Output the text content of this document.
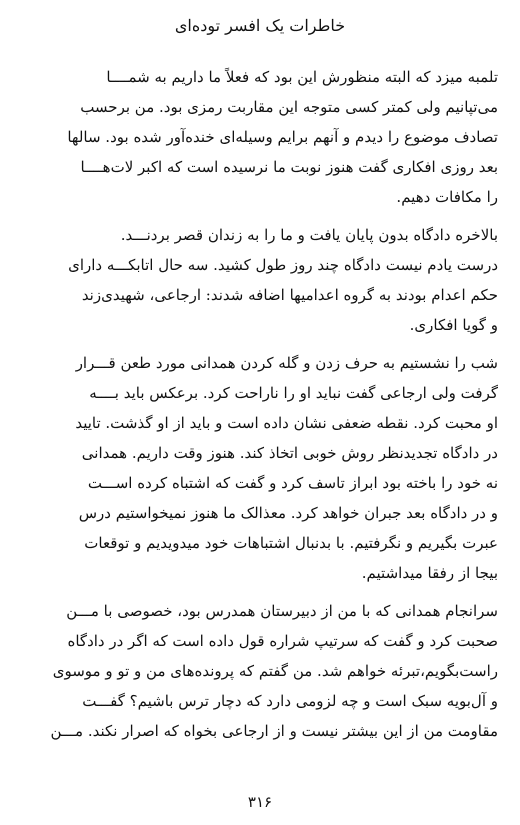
خاطرات یک افسر توده‌ای
تلمبه میزد که البته منظورش این بود که فعلاً ما داریم به شمــــا
می‌تپانیم ولی کمتر کسی متوجه این مقاربت رمزی بود. من برحسب
تصادف موضوع را دیدم و آنهم برایم وسیله‌ای خنده‌آور شده بود. سالها
بعد روزی افکاری گفت هنوز نوبت ما نرسیده است که اکبر لات‌هــــا
را مکافات دهیم.
بالاخره دادگاه بدون پایان یافت و ما را به زندان قصر بردنـــد.
درست یادم نیست دادگاه چند روز طول کشید. سه حال اتابکـــه دارای
حکم اعدام بودند به گروه اعدامیها اضافه شدند: ارجاعی، شهیدی‌زند
و گویا افکاری.
شب را نشستیم به حرف زدن و گله کردن همدانی مورد طعن قـــرار
گرفت ولی ارجاعی گفت نباید او را ناراحت کرد. برعکس باید بــــه
او محبت کرد. نقطه ضعفی نشان داده است و باید از او گذشت. تایید
در دادگاه تجدیدنظر روش خوبی اتخاذ کند. هنوز وقت داریم. همدانی
نه خود را باخته بود ابراز تاسف کرد و گفت که اشتباه کرده اســـت
و در دادگاه بعد جبران خواهد کرد. معذالک ما هنوز نمیخواستیم درس
عبرت بگیریم و نگرفتیم. با بدنبال اشتباهات خود میدویدیم و توقعات
بیجا از رفقا میداشتیم.
سرانجام همدانی که با من از دبیرستان همدرس بود، خصوصی با مـــن
صحبت کرد و گفت که سرتیپ شراره قول داده است که اگر در دادگاه
راست‌بگویم،تبرئه خواهم شد. من گفتم که پرونده‌های من و تو و موسوی
و آل‌بویه سبک است و چه لزومی دارد که دچار ترس باشیم؟ گفـــت
مقاومت من از این بیشتر نیست و از ارجاعی بخواه که اصرار نکند. مـــن
۳۱۶
